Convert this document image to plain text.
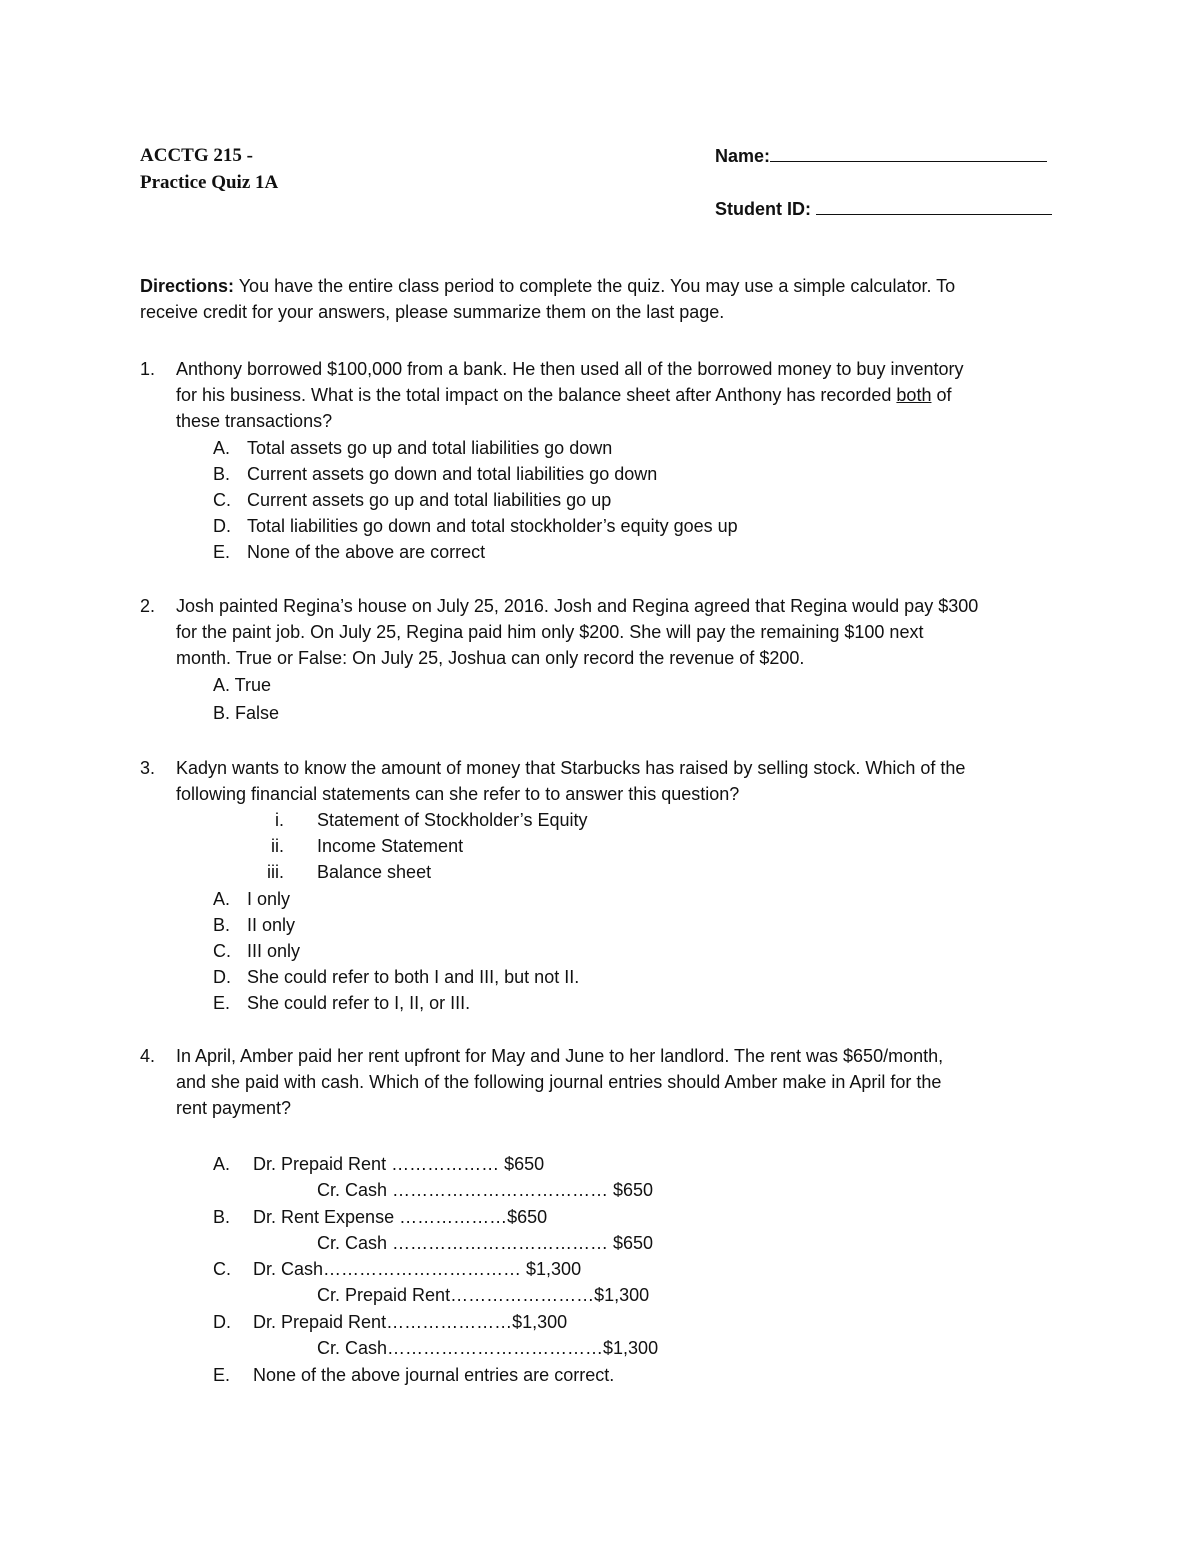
ACCTG 215 -
Practice Quiz 1A
Name:
Student ID:
Directions: You have the entire class period to complete the quiz. You may use a simple calculator. To
receive credit for your answers, please summarize them on the last page.
1. Anthony borrowed $100,000 from a bank. He then used all of the borrowed money to buy inventory
for his business. What is the total impact on the balance sheet after Anthony has recorded both of
these transactions?
A. Total assets go up and total liabilities go down
B. Current assets go down and total liabilities go down
C. Current assets go up and total liabilities go up
D. Total liabilities go down and total stockholder’s equity goes up
E. None of the above are correct
2. Josh painted Regina’s house on July 25, 2016. Josh and Regina agreed that Regina would pay $300
for the paint job. On July 25, Regina paid him only $200. She will pay the remaining $100 next
month. True or False: On July 25, Joshua can only record the revenue of $200.
A. True
B. False
3. Kadyn wants to know the amount of money that Starbucks has raised by selling stock. Which of the
following financial statements can she refer to to answer this question?
i. Statement of Stockholder’s Equity
ii. Income Statement
iii. Balance sheet
A. I only
B. II only
C. III only
D. She could refer to both I and III, but not II.
E. She could refer to I, II, or III.
4. In April, Amber paid her rent upfront for May and June to her landlord. The rent was $650/month,
and she paid with cash. Which of the following journal entries should Amber make in April for the
rent payment?
A. Dr. Prepaid Rent ……………… $650
Cr. Cash ……………………………… $650
B. Dr. Rent Expense ………………$650
Cr. Cash ……………………………… $650
C. Dr. Cash…………………………… $1,300
Cr. Prepaid Rent……………………$1,300
D. Dr. Prepaid Rent…………………$1,300
Cr. Cash………………………………$1,300
E. None of the above journal entries are correct.
